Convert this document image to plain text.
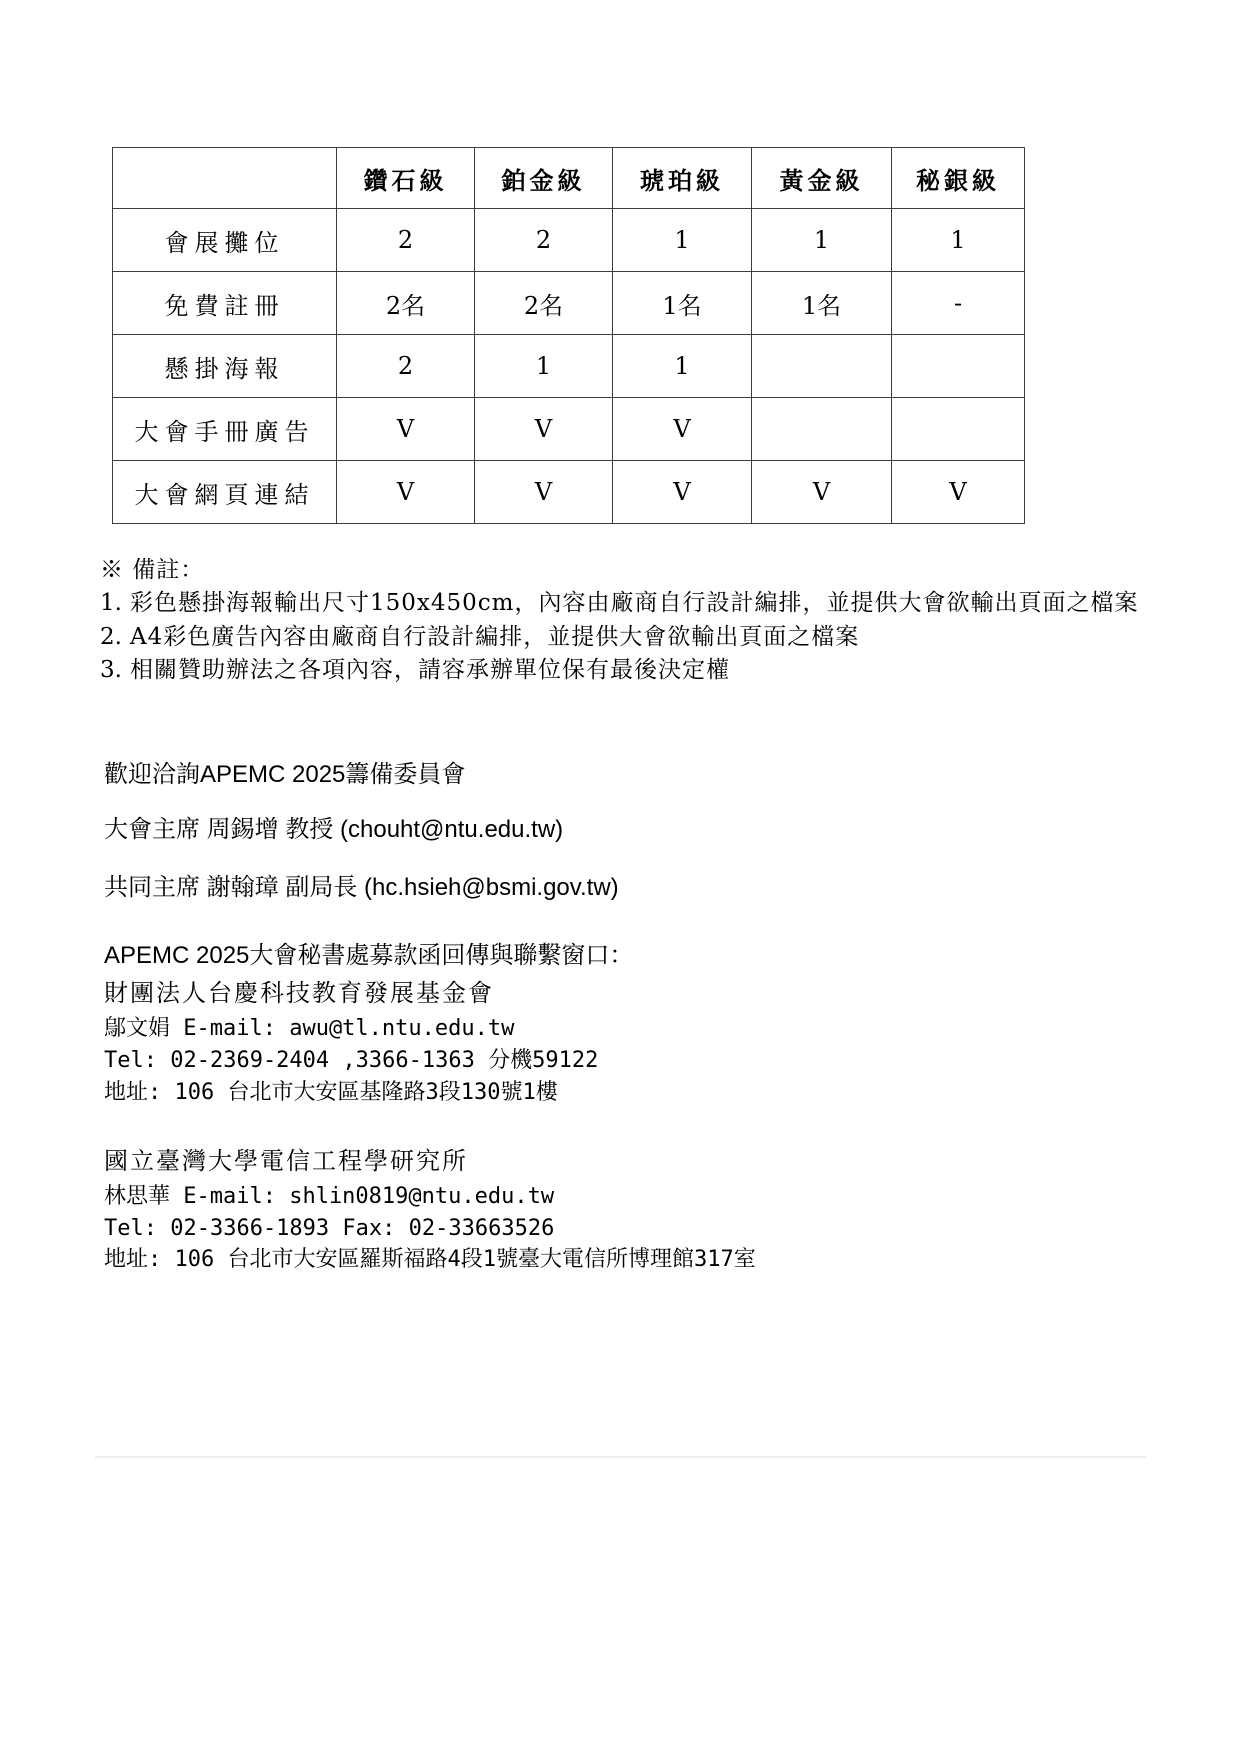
	鑽石級	鉑金級	琥珀級	黃金級	秘銀級
會展攤位	2	2	1	1	1
免費註冊	2名	2名	1名	1名	-
懸掛海報	2	1	1		
大會手冊廣告	V	V	V		
大會網頁連結	V	V	V	V	V
※ 備註：
1. 彩色懸掛海報輸出尺寸150x450cm，內容由廠商自行設計編排，並提供大會欲輸出頁面之檔案
2. A4彩色廣告內容由廠商自行設計編排，並提供大會欲輸出頁面之檔案
3. 相關贊助辦法之各項內容，請容承辦單位保有最後決定權
歡迎洽詢APEMC 2025籌備委員會
大會主席 周錫增 教授 (chouht@ntu.edu.tw)
共同主席 謝翰璋 副局長 (hc.hsieh@bsmi.gov.tw)
APEMC 2025大會秘書處募款函回傳與聯繫窗口：
財團法人台慶科技教育發展基金會
鄔文娟 E-mail: awu@tl.ntu.edu.tw
Tel: 02-2369-2404 ,3366-1363 分機59122
地址: 106 台北市大安區基隆路3段130號1樓
國立臺灣大學電信工程學研究所
林思華 E-mail: shlin0819@ntu.edu.tw
Tel: 02-3366-1893 Fax: 02-33663526
地址: 106 台北市大安區羅斯福路4段1號臺大電信所博理館317室
